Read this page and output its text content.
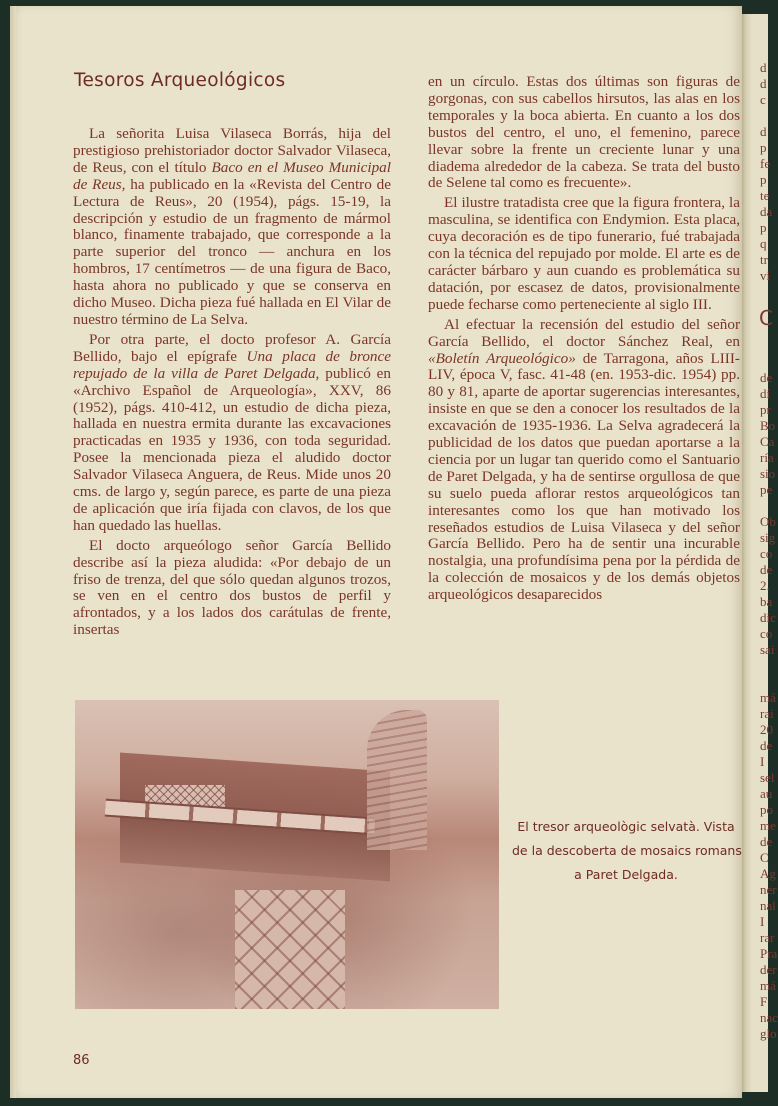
Tesoros Arqueológicos

La señorita Luisa Vilaseca Borrás, hija del prestigioso prehistoriador doctor Salvador Vilaseca, de Reus, con el título Baco en el Museo Municipal de Reus, ha publicado en la «Revista del Centro de Lectura de Reus», 20 (1954), págs. 15-19, la descripción y estudio de un fragmento de mármol blanco, finamente trabajado, que corresponde a la parte superior del tronco — anchura en los hombros, 17 centímetros — de una figura de Baco, hasta ahora no publicado y que se conserva en dicho Museo. Dicha pieza fué hallada en El Vilar de nuestro término de La Selva.

Por otra parte, el docto profesor A. García Bellido, bajo el epígrafe Una placa de bronce repujado de la villa de Paret Delgada, publicó en «Archivo Español de Arqueología», XXV, 86 (1952), págs. 410-412, un estudio de dicha pieza, hallada en nuestra ermita durante las excavaciones practicadas en 1935 y 1936, con toda seguridad. Posee la mencionada pieza el aludido doctor Salvador Vilaseca Anguera, de Reus. Mide unos 20 cms. de largo y, según parece, es parte de una pieza de aplicación que iría fijada con clavos, de los que han quedado las huellas.

El docto arqueólogo señor García Bellido describe así la pieza aludida: «Por debajo de un friso de trenza, del que sólo quedan algunos trozos, se ven en el centro dos bustos de perfil y afrontados, y a los lados dos carátulas de frente, insertas

en un círculo. Estas dos últimas son figuras de gorgonas, con sus cabellos hirsutos, las alas en los temporales y la boca abierta. En cuanto a los dos bustos del centro, el uno, el femenino, parece llevar sobre la frente un creciente lunar y una diadema alrededor de la cabeza. Se trata del busto de Selene tal como es frecuente».

El ilustre tratadista cree que la figura frontera, la masculina, se identifica con Endymion. Esta placa, cuya decoración es de tipo funerario, fué trabajada con la técnica del repujado por molde. El arte es de carácter bárbaro y aun cuando es problemática su datación, por escasez de datos, provisionalmente puede fecharse como perteneciente al siglo III.

Al efectuar la recensión del estudio del señor García Bellido, el doctor Sánchez Real, en «Boletín Arqueológico» de Tarragona, años LIII-LIV, época V, fasc. 41-48 (en. 1953-dic. 1954) pp. 80 y 81, aparte de aportar sugerencias interesantes, insiste en que se den a conocer los resultados de la excavación de 1935-1936. La Selva agradecerá la publicidad de los datos que puedan aportarse a la ciencia por un lugar tan querido como el Santuario de Paret Delgada, y ha de sentirse orgullosa de que su suelo pueda aflorar restos arqueológicos tan interesantes como los que han motivado los reseñados estudios de Luisa Vilaseca y del señor García Bellido. Pero ha de sentir una incurable nostalgia, una profundísima pena por la pérdida de la colección de mosaicos y de los demás objetos arqueológicos desaparecidos

El tresor arqueològic selvatà. Vista
de la descoberta de mosaics romans
a Paret Delgada.
86
d
d
c
d
p
fe
p
te
da
p
q
tr
vi
C
de
dí
pr
Bo
Ca
ría
sio
pe
Ob
sig
co
de
2.
ba
dic
co
sai
má
rai
20
de
I
sel
au
po
me
de
C
Ag
ner
nal
I
rar
Pra
der
má
F
nac
glo
